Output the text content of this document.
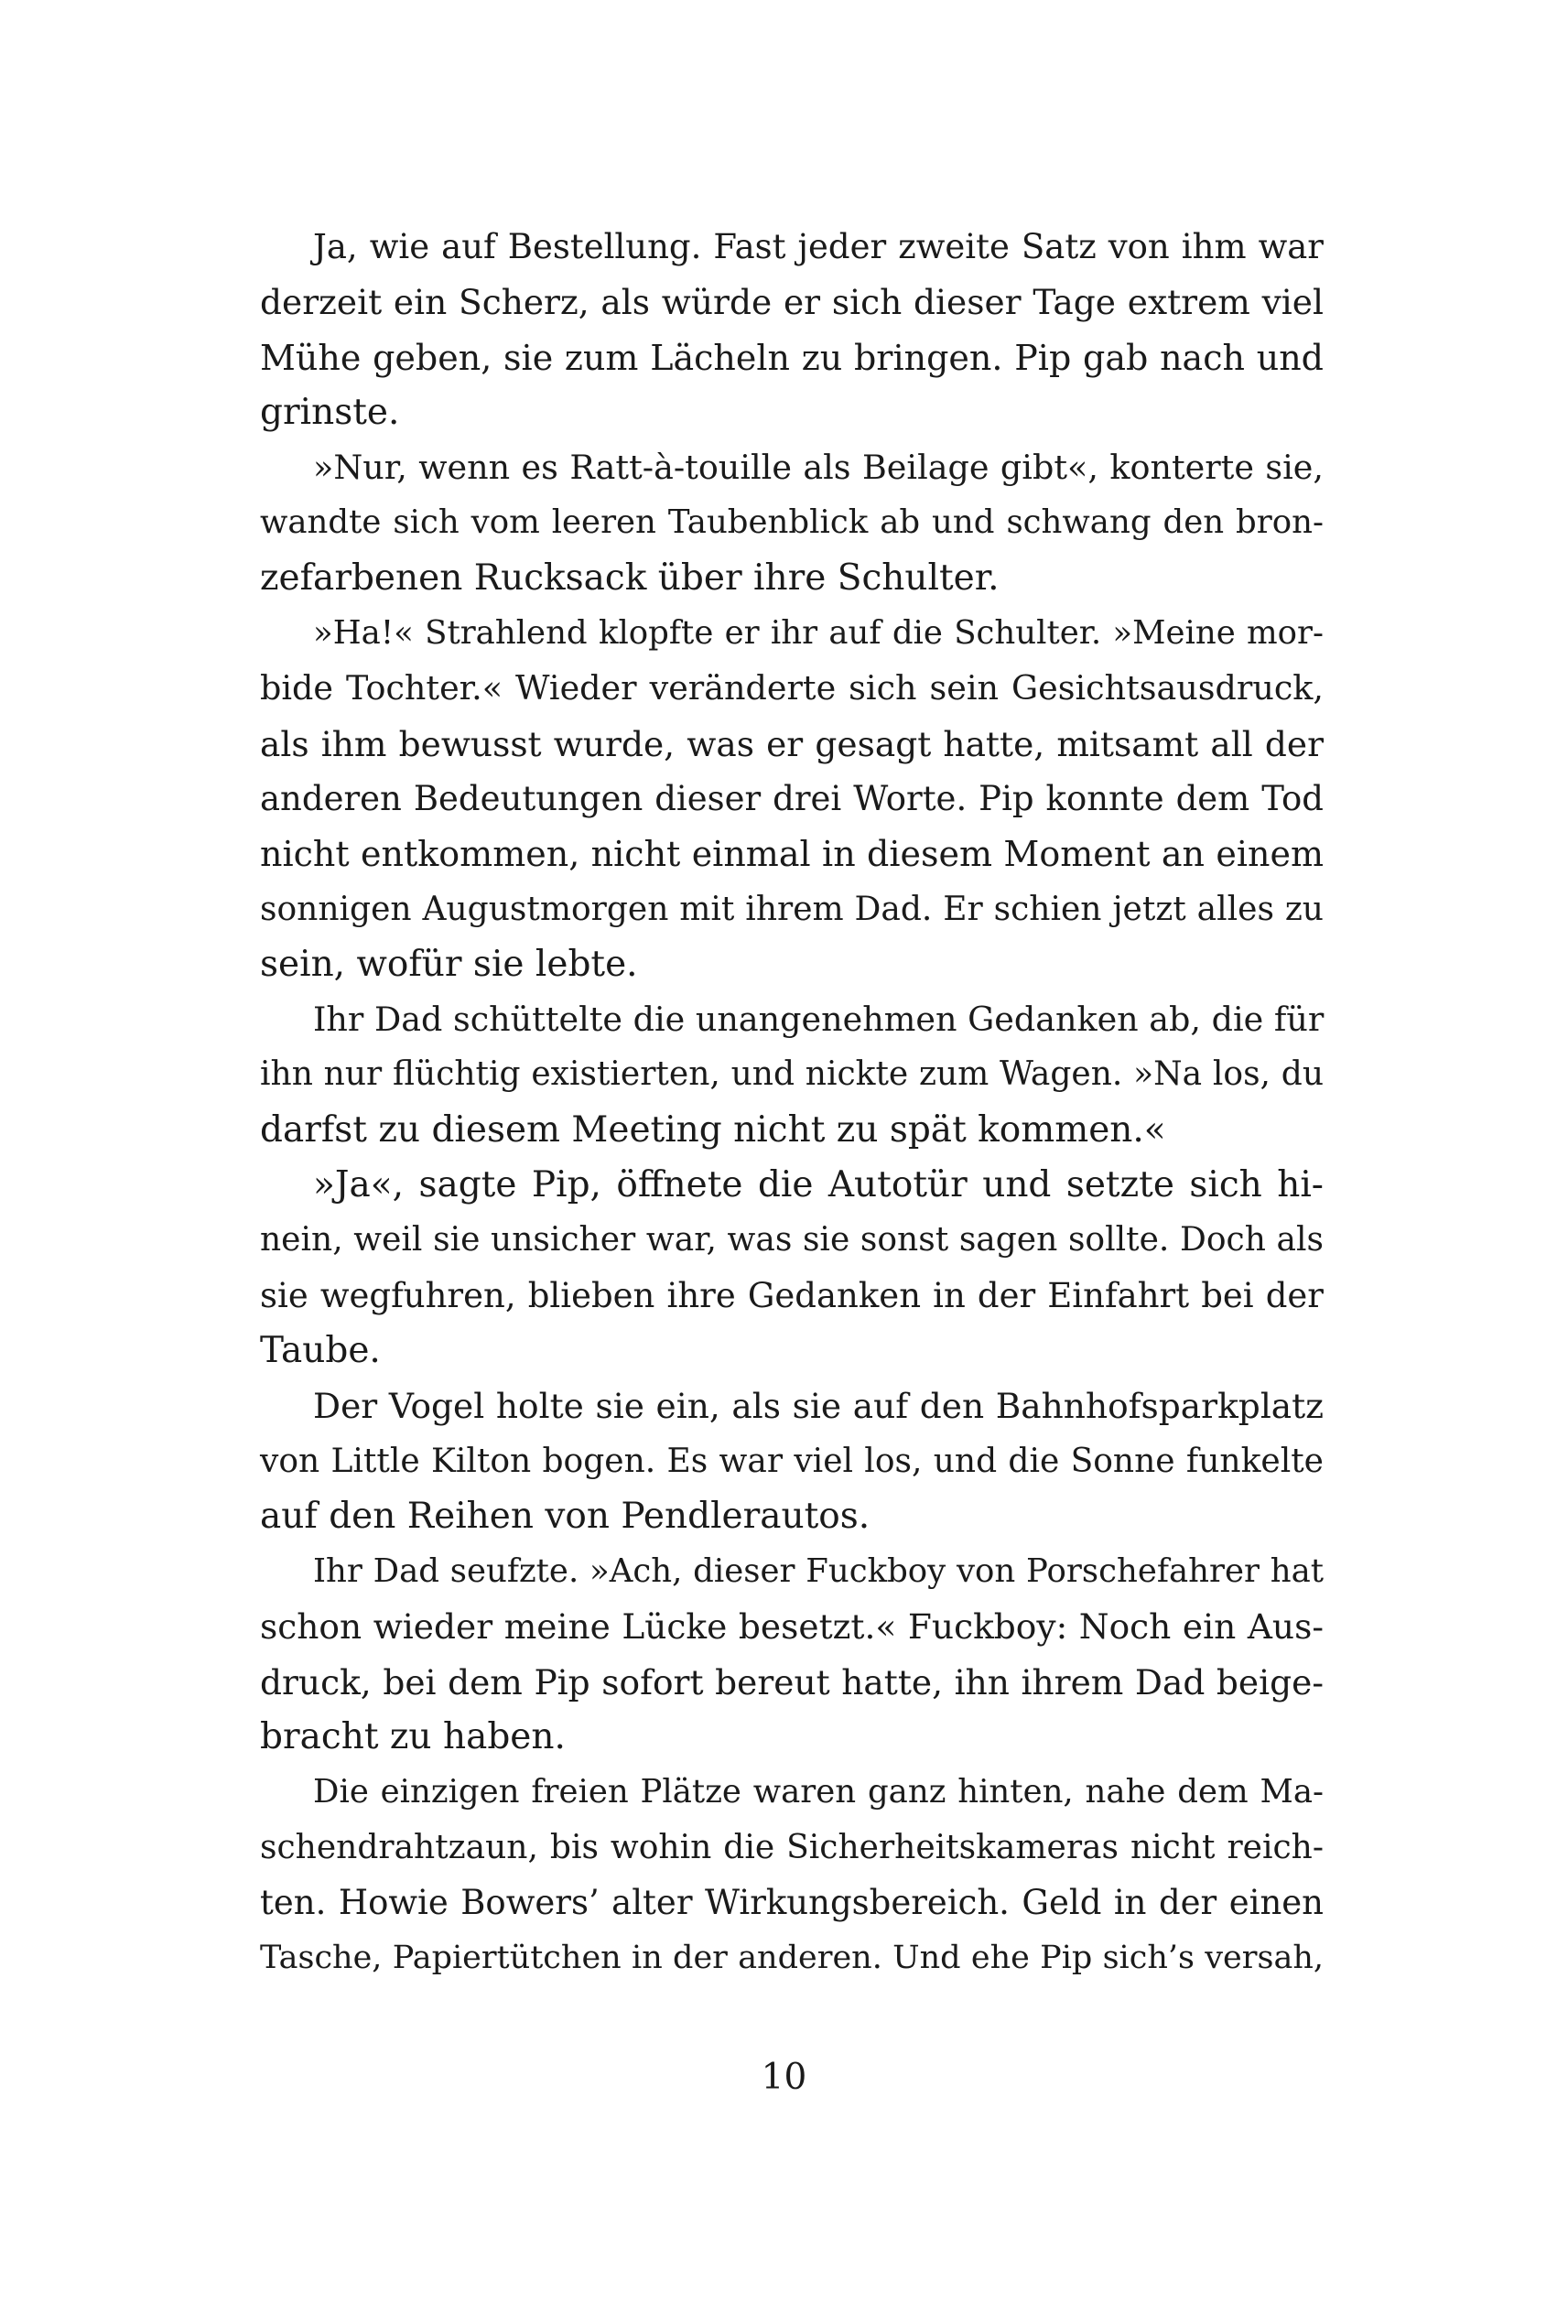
Ja, wie auf Bestellung. Fast jeder zweite Satz von ihm war
derzeit ein Scherz, als würde er sich dieser Tage extrem viel
Mühe geben, sie zum Lächeln zu bringen. Pip gab nach und
grinste.
»Nur, wenn es Ratt-à-touille als Beilage gibt«, konterte sie,
wandte sich vom leeren Taubenblick ab und schwang den bron-
zefarbenen Rucksack über ihre Schulter.
»Ha!« Strahlend klopfte er ihr auf die Schulter. »Meine mor-
bide Tochter.« Wieder veränderte sich sein Gesichtsausdruck,
als ihm bewusst wurde, was er gesagt hatte, mitsamt all der
anderen Bedeutungen dieser drei Worte. Pip konnte dem Tod
nicht entkommen, nicht einmal in diesem Moment an einem
sonnigen Augustmorgen mit ihrem Dad. Er schien jetzt alles zu
sein, wofür sie lebte.
Ihr Dad schüttelte die unangenehmen Gedanken ab, die für
ihn nur flüchtig existierten, und nickte zum Wagen. »Na los, du
darfst zu diesem Meeting nicht zu spät kommen.«
»Ja«, sagte Pip, öffnete die Autotür und setzte sich hi-
nein, weil sie unsicher war, was sie sonst sagen sollte. Doch als
sie wegfuhren, blieben ihre Gedanken in der Einfahrt bei der
Taube.
Der Vogel holte sie ein, als sie auf den Bahnhofsparkplatz
von Little Kilton bogen. Es war viel los, und die Sonne funkelte
auf den Reihen von Pendlerautos.
Ihr Dad seufzte. »Ach, dieser Fuckboy von Porschefahrer hat
schon wieder meine Lücke besetzt.« Fuckboy: Noch ein Aus-
druck, bei dem Pip sofort bereut hatte, ihn ihrem Dad beige-
bracht zu haben.
Die einzigen freien Plätze waren ganz hinten, nahe dem Ma-
schendrahtzaun, bis wohin die Sicherheitskameras nicht reich-
ten. Howie Bowers’ alter Wirkungsbereich. Geld in der einen
Tasche, Papiertütchen in der anderen. Und ehe Pip sich’s versah,
10
